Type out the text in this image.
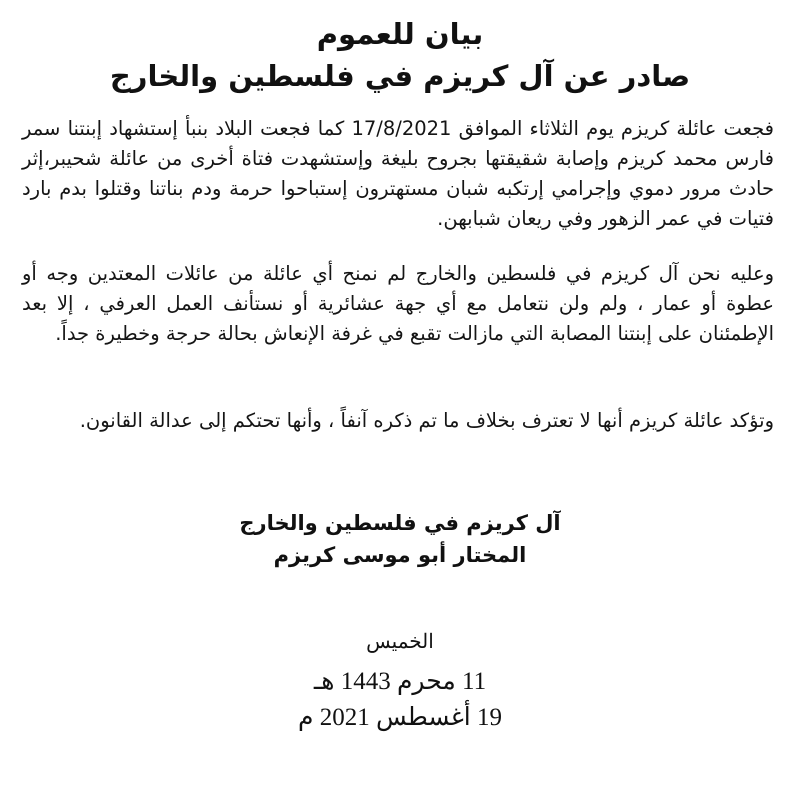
بيان للعموم
صادر عن آل كريزم في فلسطين والخارج

فجعت عائلة كريزم يوم الثلاثاء الموافق 17/8/2021 كما فجعت البلاد بنبأ إستشهاد إبنتنا سمر فارس محمد كريزم وإصابة شقيقتها بجروح بليغة وإستشهدت فتاة أخرى من عائلة شحيبر،إثر حادث مرور دموي وإجرامي إرتكبه شبان مستهترون إستباحوا حرمة ودم بناتنا وقتلوا بدم بارد فتيات في عمر الزهور وفي ريعان شبابهن.

وعليه نحن آل كريزم في فلسطين والخارج لم نمنح أي عائلة من عائلات المعتدين وجه أو عطوة أو عمار ، ولم ولن نتعامل مع أي جهة عشائرية أو نستأنف العمل العرفي ، إلا بعد الإطمئنان على إبنتنا المصابة التي مازالت تقبع في غرفة الإنعاش بحالة حرجة وخطيرة جداً.

وتؤكد عائلة كريزم أنها لا تعترف بخلاف ما تم ذكره آنفاً ، وأنها تحتكم إلى عدالة القانون.

آل كريزم في فلسطين والخارج
المختار أبو موسى كريزم
الخميس
11 محرم 1443 هـ
19 أغسطس 2021 م
